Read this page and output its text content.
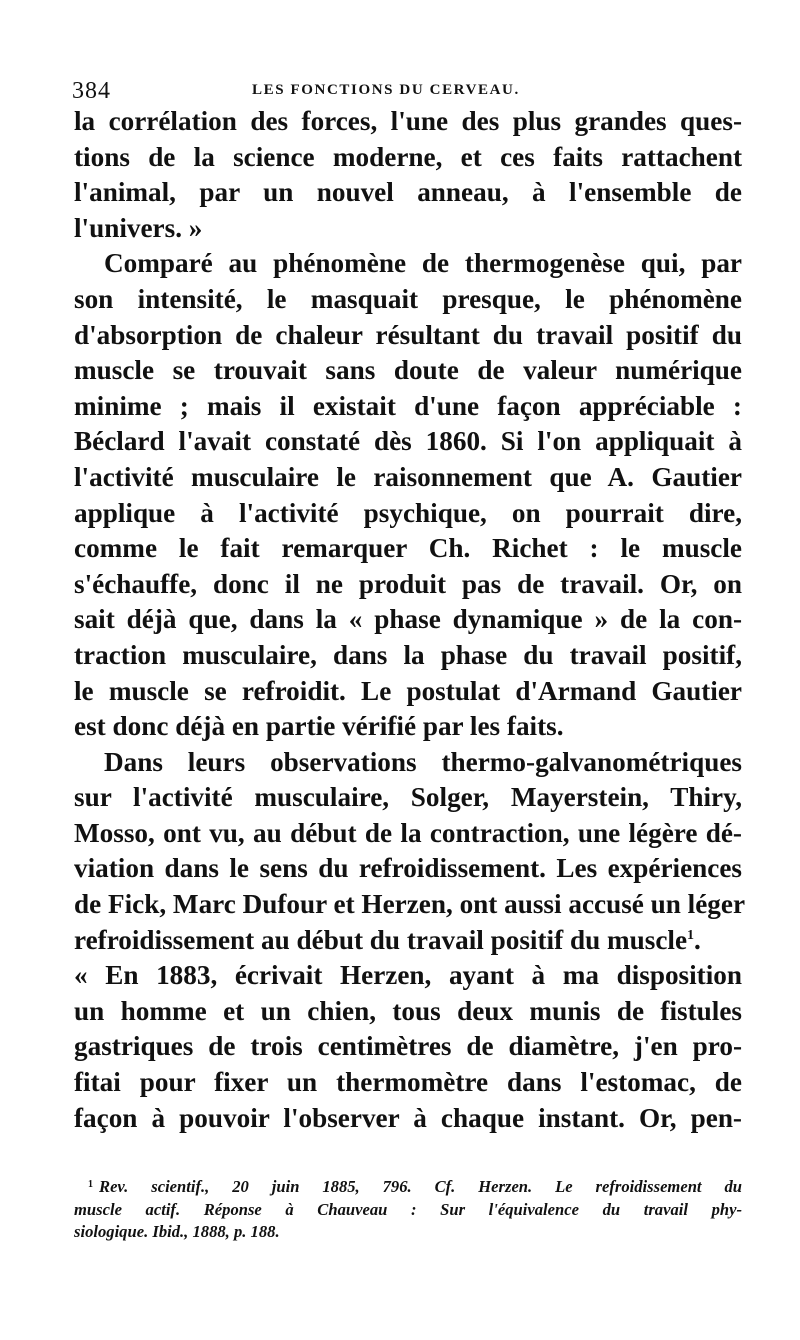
384	LES FONCTIONS DU CERVEAU.
la corrélation des forces, l'une des plus grandes ques-
tions de la science moderne, et ces faits rattachent
l'animal, par un nouvel anneau, à l'ensemble de
l'univers. »
Comparé au phénomène de thermogenèse qui, par
son intensité, le masquait presque, le phénomène
d'absorption de chaleur résultant du travail positif du
muscle se trouvait sans doute de valeur numérique
minime ; mais il existait d'une façon appréciable :
Béclard l'avait constaté dès 1860. Si l'on appliquait à
l'activité musculaire le raisonnement que A. Gautier
applique à l'activité psychique, on pourrait dire,
comme le fait remarquer Ch. Richet : le muscle
s'échauffe, donc il ne produit pas de travail. Or, on
sait déjà que, dans la « phase dynamique » de la con-
traction musculaire, dans la phase du travail positif,
le muscle se refroidit. Le postulat d'Armand Gautier
est donc déjà en partie vérifié par les faits.
Dans leurs observations thermo-galvanométriques
sur l'activité musculaire, Solger, Mayerstein, Thiry,
Mosso, ont vu, au début de la contraction, une légère dé-
viation dans le sens du refroidissement. Les expériences
de Fick, Marc Dufour et Herzen, ont aussi accusé un léger
refroidissement au début du travail positif du muscle$^1$.
« En 1883, écrivait Herzen, ayant à ma disposition
un homme et un chien, tous deux munis de fistules
gastriques de trois centimètres de diamètre, j'en pro-
fitai pour fixer un thermomètre dans l'estomac, de
façon à pouvoir l'observer à chaque instant. Or, pen-
$^1$ Rev. scientif., 20 juin 1885, 796. Cf. Herzen. Le refroidissement du
muscle actif. Réponse à Chauveau : Sur l'équivalence du travail phy-
siologique. Ibid., 1888, p. 188.
